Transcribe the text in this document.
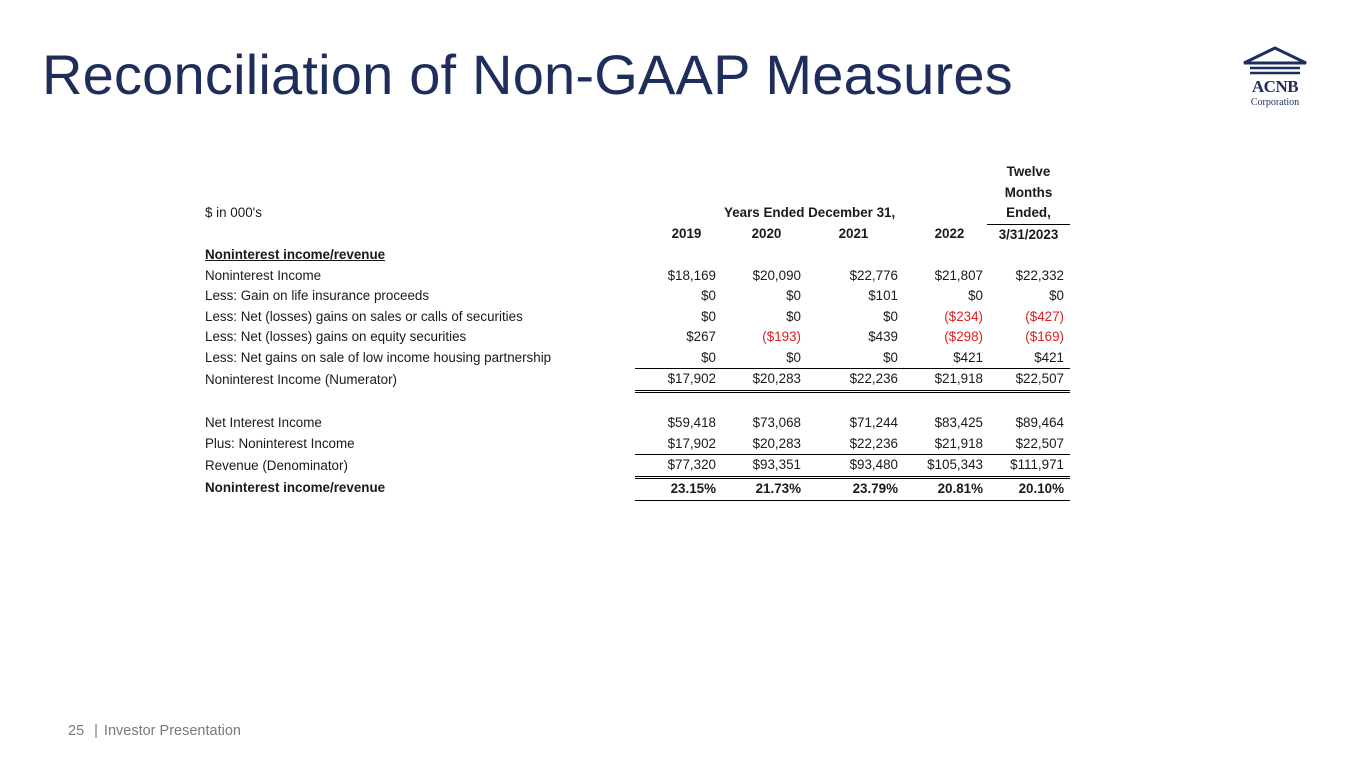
Reconciliation of Non-GAAP Measures	ACNB
Corporation
					Twelve
					Months
$ in 000's		Years Ended December 31,			Ended,
	2019	2020	2021	2022	3/31/2023
Noninterest income/revenue					
Noninterest Income	$18,169	$20,090	$22,776	$21,807	$22,332
Less: Gain on life insurance proceeds	$0	$0	$101	$0	$0
Less: Net (losses) gains on sales or calls of securities	$0	$0	$0	($234)	($427)
Less: Net (losses) gains on equity securities	$267	($193)	$439	($298)	($169)
Less: Net gains on sale of low income housing partnership	$0	$0	$0	$421	$421
Noninterest Income (Numerator)	$17,902	$20,283	$22,236	$21,918	$22,507

Net Interest Income	$59,418	$73,068	$71,244	$83,425	$89,464
Plus: Noninterest Income	$17,902	$20,283	$22,236	$21,918	$22,507
Revenue (Denominator)	$77,320	$93,351	$93,480	$105,343	$111,971
Noninterest income/revenue	23.15%	21.73%	23.79%	20.81%	20.10%
25 | Investor Presentation
